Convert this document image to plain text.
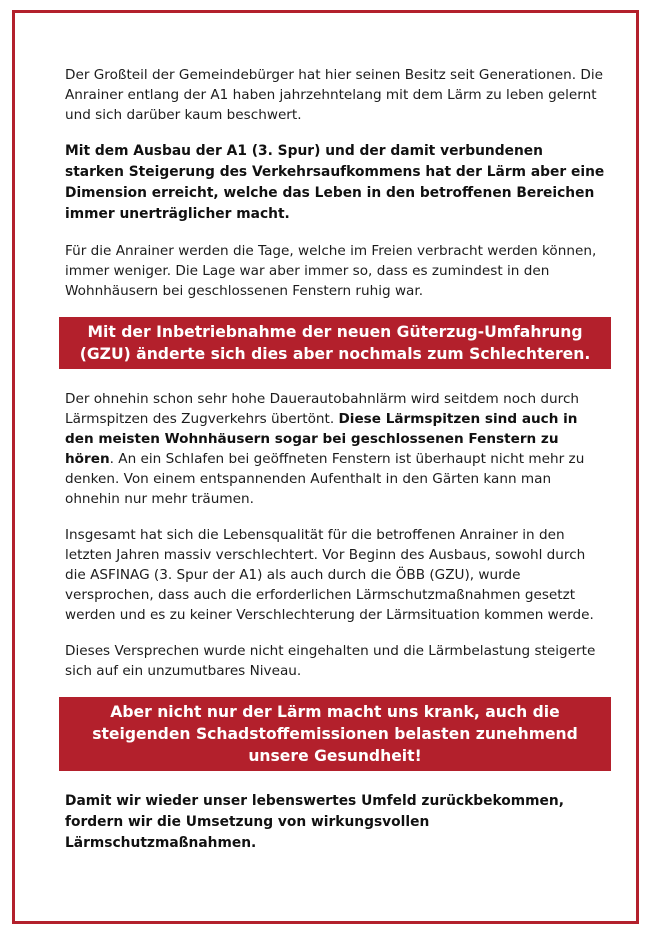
Der Großteil der Gemeindebürger hat hier seinen Besitz seit Generationen. Die Anrainer entlang der A1 haben jahrzehntelang mit dem Lärm zu leben gelernt und sich darüber kaum beschwert.

Mit dem Ausbau der A1 (3. Spur) und der damit verbundenen starken Steigerung des Verkehrsaufkommens hat der Lärm aber eine Dimension erreicht, welche das Leben in den betroffenen Bereichen immer unerträglicher macht.

Für die Anrainer werden die Tage, welche im Freien verbracht werden können, immer weniger. Die Lage war aber immer so, dass es zumindest in den Wohnhäusern bei geschlossenen Fenstern ruhig war.

Mit der Inbetriebnahme der neuen Güterzug-Umfahrung (GZU) änderte sich dies aber nochmals zum Schlechteren.

Der ohnehin schon sehr hohe Dauerautobahnlärm wird seitdem noch durch Lärmspitzen des Zugverkehrs übertönt. Diese Lärmspitzen sind auch in den meisten Wohnhäusern sogar bei geschlossenen Fenstern zu hören. An ein Schlafen bei geöffneten Fenstern ist überhaupt nicht mehr zu denken. Von einem entspannenden Aufenthalt in den Gärten kann man ohnehin nur mehr träumen.

Insgesamt hat sich die Lebensqualität für die betroffenen Anrainer in den letzten Jahren massiv verschlechtert. Vor Beginn des Ausbaus, sowohl durch die ASFINAG (3. Spur der A1) als auch durch die ÖBB (GZU), wurde versprochen, dass auch die erforderlichen Lärmschutzmaßnahmen gesetzt werden und es zu keiner Verschlechterung der Lärmsituation kommen werde.

Dieses Versprechen wurde nicht eingehalten und die Lärmbelastung steigerte sich auf ein unzumutbares Niveau.

Aber nicht nur der Lärm macht uns krank, auch die steigenden Schadstoffemissionen belasten zunehmend unsere Gesundheit!

Damit wir wieder unser lebenswertes Umfeld zurückbekommen, fordern wir die Umsetzung von wirkungsvollen Lärmschutzmaßnahmen.
